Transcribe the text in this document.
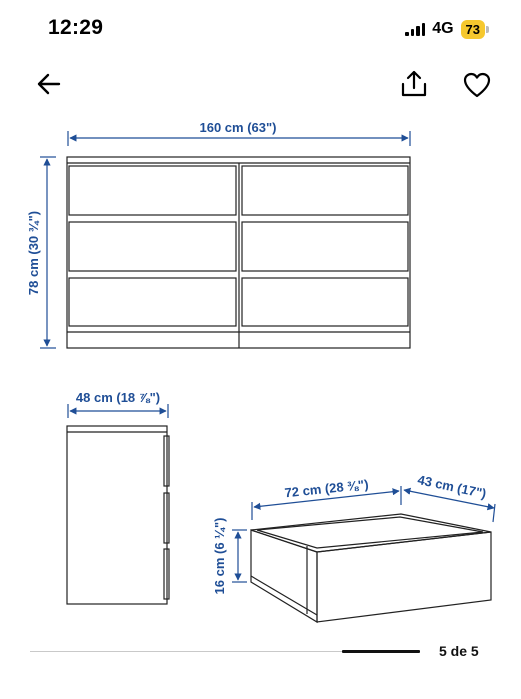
12:29	4G 73
160 cm (63")
78 cm (30 ¾")
48 cm (18 ⅞")
72 cm (28 ⅜")	43 cm (17")
16 cm (6 ¼")
5 de 5
